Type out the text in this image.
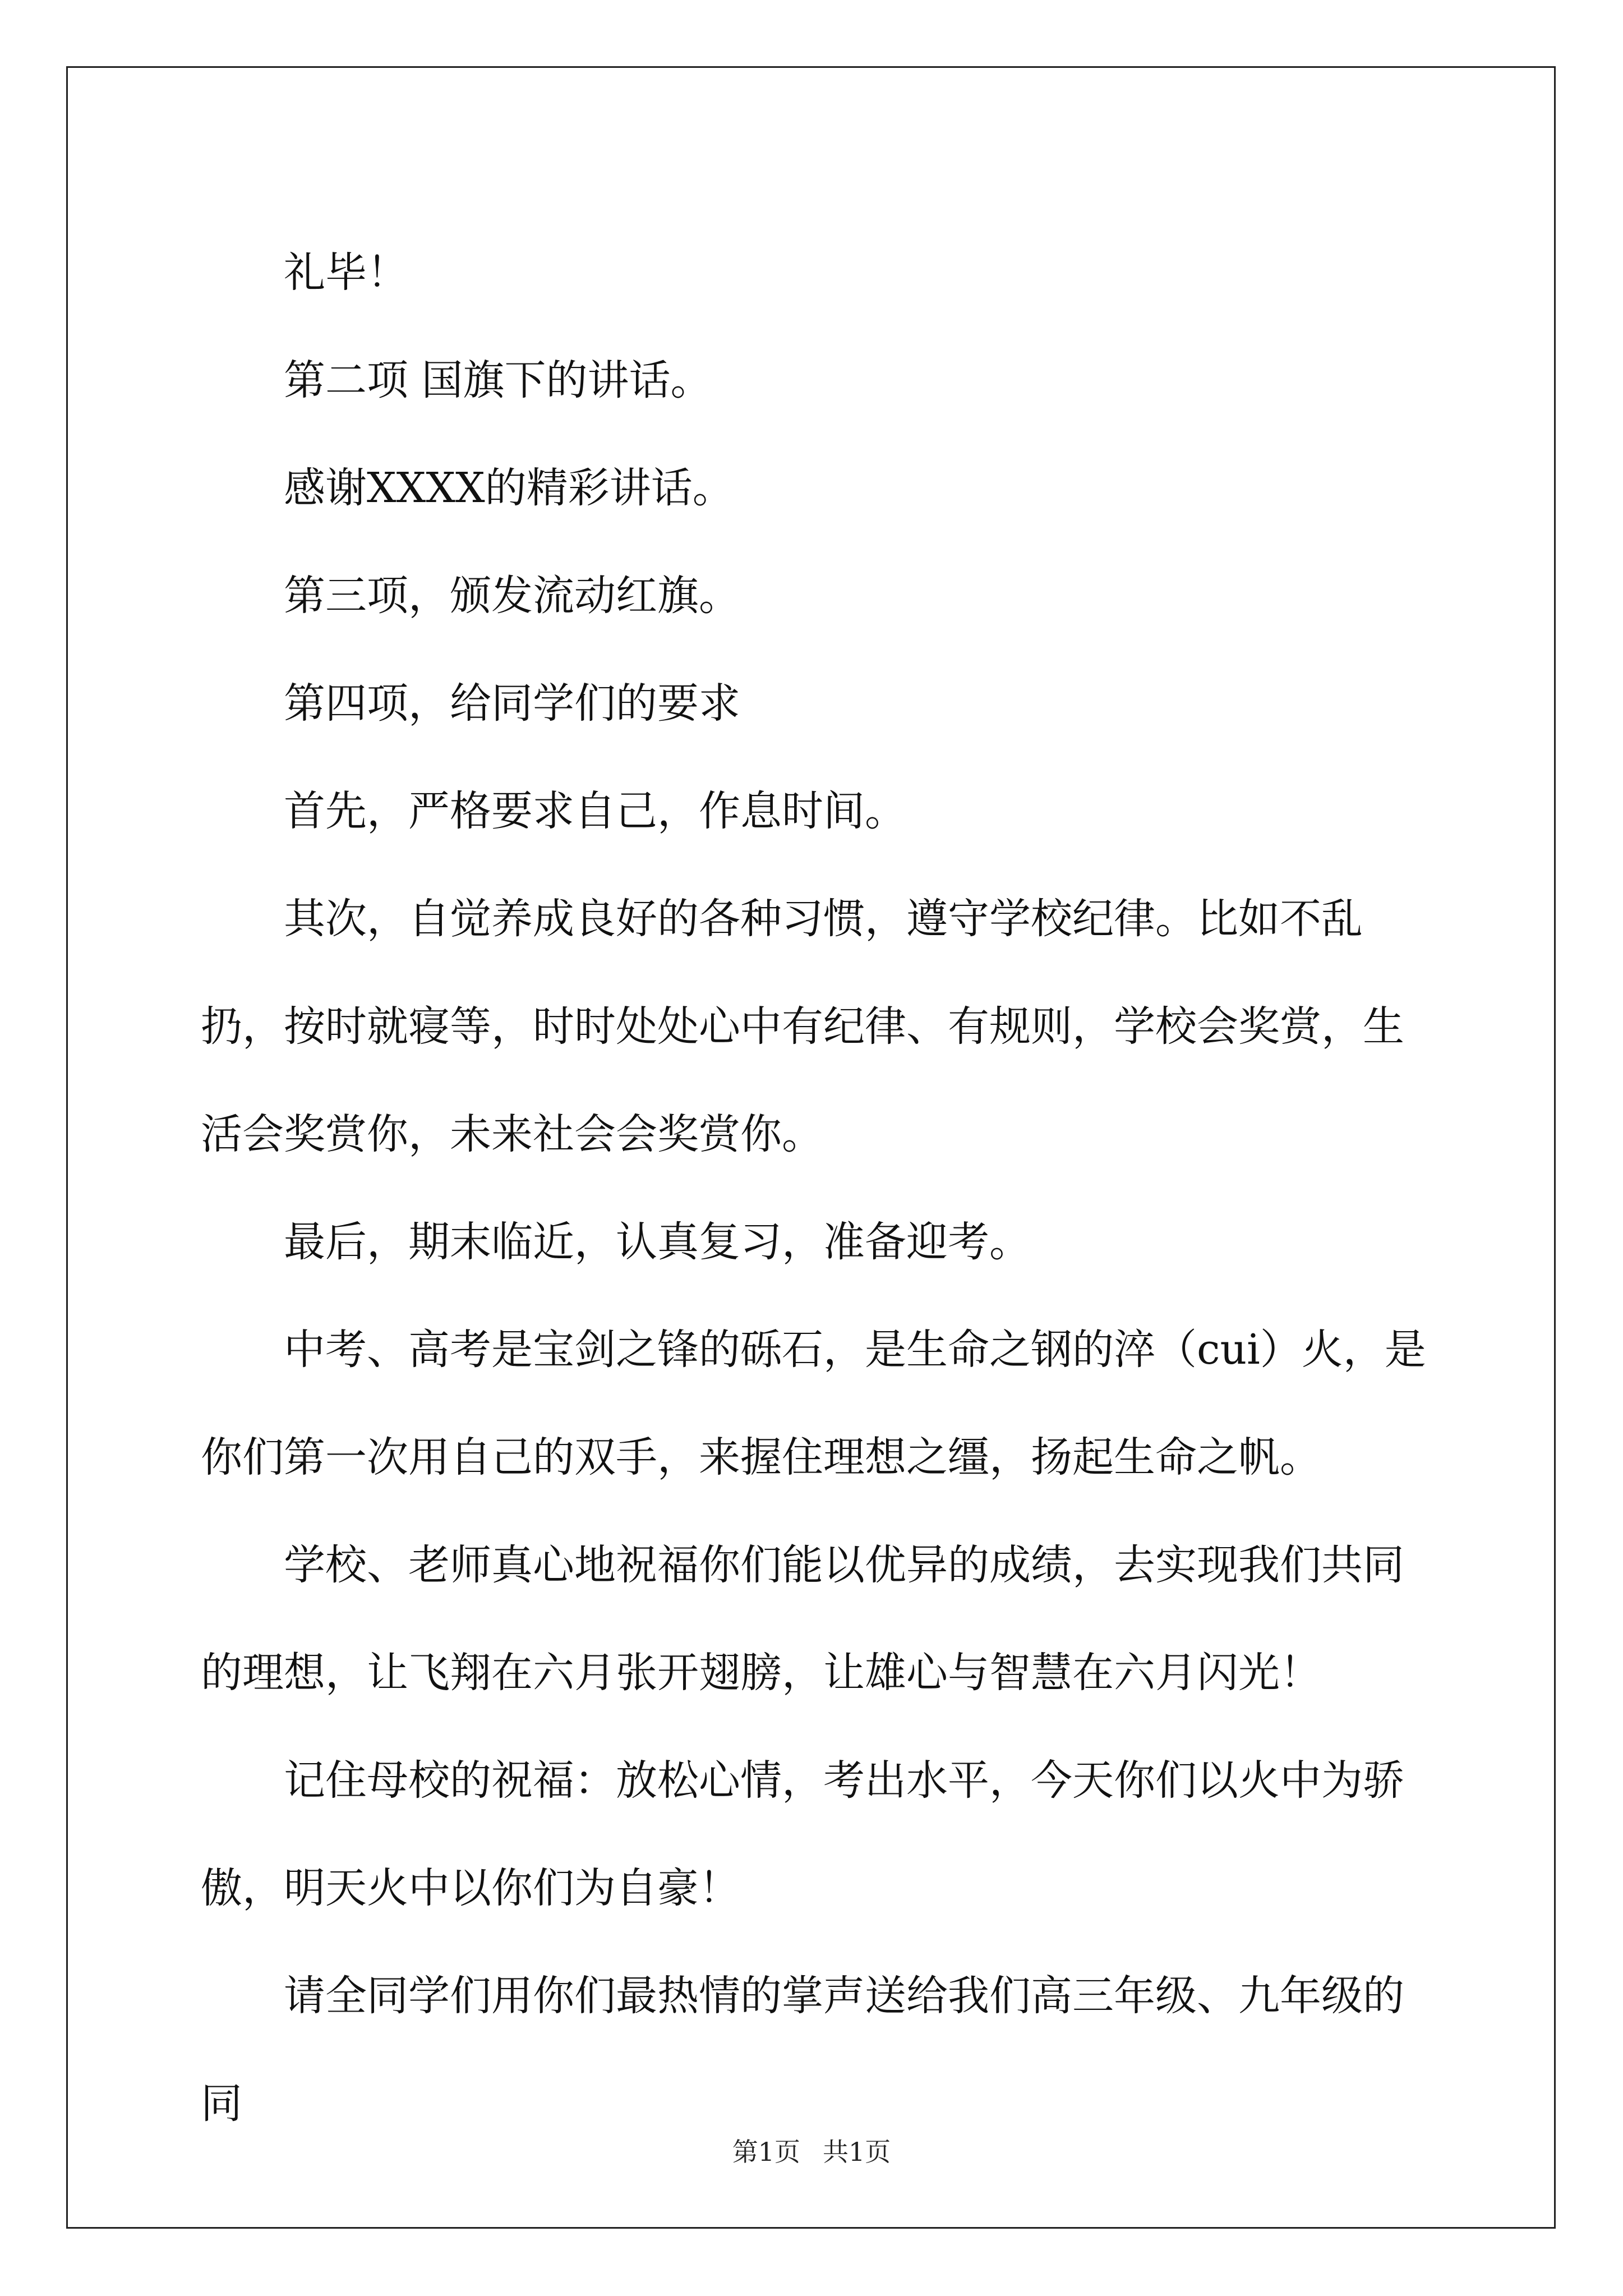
礼毕！

第二项 国旗下的讲话。

感谢XXXX的精彩讲话。

第三项，颁发流动红旗。

第四项，给同学们的要求

首先，严格要求自己，作息时间。

其次，自觉养成良好的各种习惯，遵守学校纪律。比如不乱扔，按时就寝等，时时处处心中有纪律、有规则，学校会奖赏，生活会奖赏你，未来社会会奖赏你。

最后，期末临近，认真复习，准备迎考。

中考、高考是宝剑之锋的砾石，是生命之钢的淬（cui）火，是你们第一次用自己的双手，来握住理想之缰，扬起生命之帆。

学校、老师真心地祝福你们能以优异的成绩，去实现我们共同的理想，让飞翔在六月张开翅膀，让雄心与智慧在六月闪光！

记住母校的祝福：放松心情，考出水平，今天你们以火中为骄傲，明天火中以你们为自豪！

请全同学们用你们最热情的掌声送给我们高三年级、九年级的同

第1页 共1页
